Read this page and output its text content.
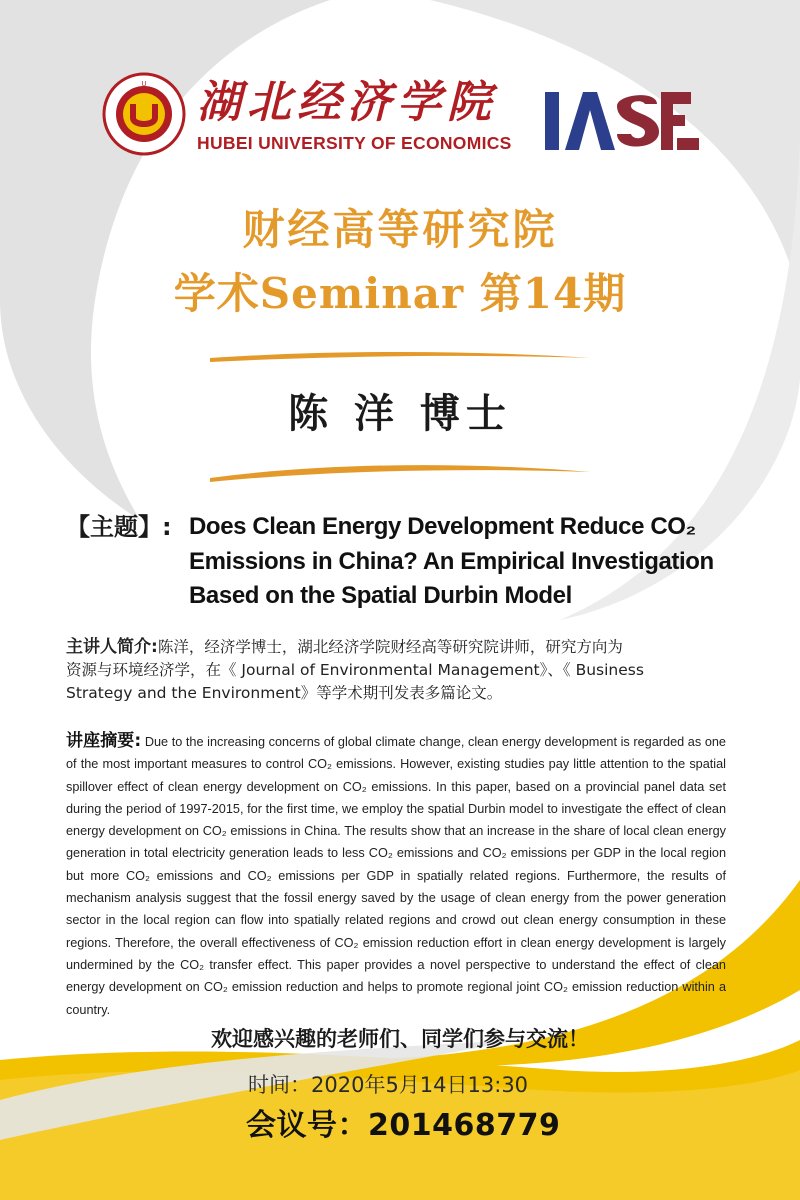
U 湖北经济学院
HUBEI UNIVERSITY OF ECONOMICS
财经高等研究院
学术Seminar 第14期
陈 洋 博士
【主题】: Does Clean Energy Development Reduce CO₂
Emissions in China? An Empirical Investigation
Based on the Spatial Durbin Model
主讲人简介:陈洋，经济学博士，湖北经济学院财经高等研究院讲师，研究方向为
资源与环境经济学，在《 Journal of Environmental Management》、《 Business
Strategy and the Environment》等学术期刊发表多篇论文。
讲座摘要: Due to the increasing concerns of global climate change, clean energy development is regarded as one of the most important measures to control CO₂ emissions. However, existing studies pay little attention to the spatial spillover effect of clean energy development on CO₂ emissions. In this paper, based on a provincial panel data set during the period of 1997-2015, for the first time, we employ the spatial Durbin model to investigate the effect of clean energy development on CO₂ emissions in China. The results show that an increase in the share of local clean energy generation in total electricity generation leads to less CO₂ emissions and CO₂ emissions per GDP in the local region but more CO₂ emissions and CO₂ emissions per GDP in spatially related regions. Furthermore, the results of mechanism analysis suggest that the fossil energy saved by the usage of clean energy from the power generation sector in the local region can flow into spatially related regions and crowd out clean energy consumption in these regions. Therefore, the overall effectiveness of CO₂ emission reduction effort in clean energy development is largely undermined by the CO₂ transfer effect. This paper provides a novel perspective to understand the effect of clean energy development on CO₂ emission reduction and helps to promote regional joint CO₂ emission reduction within a country.
欢迎感兴趣的老师们、同学们参与交流！
时间：2020年5月14日13:30
会议号：201468779
